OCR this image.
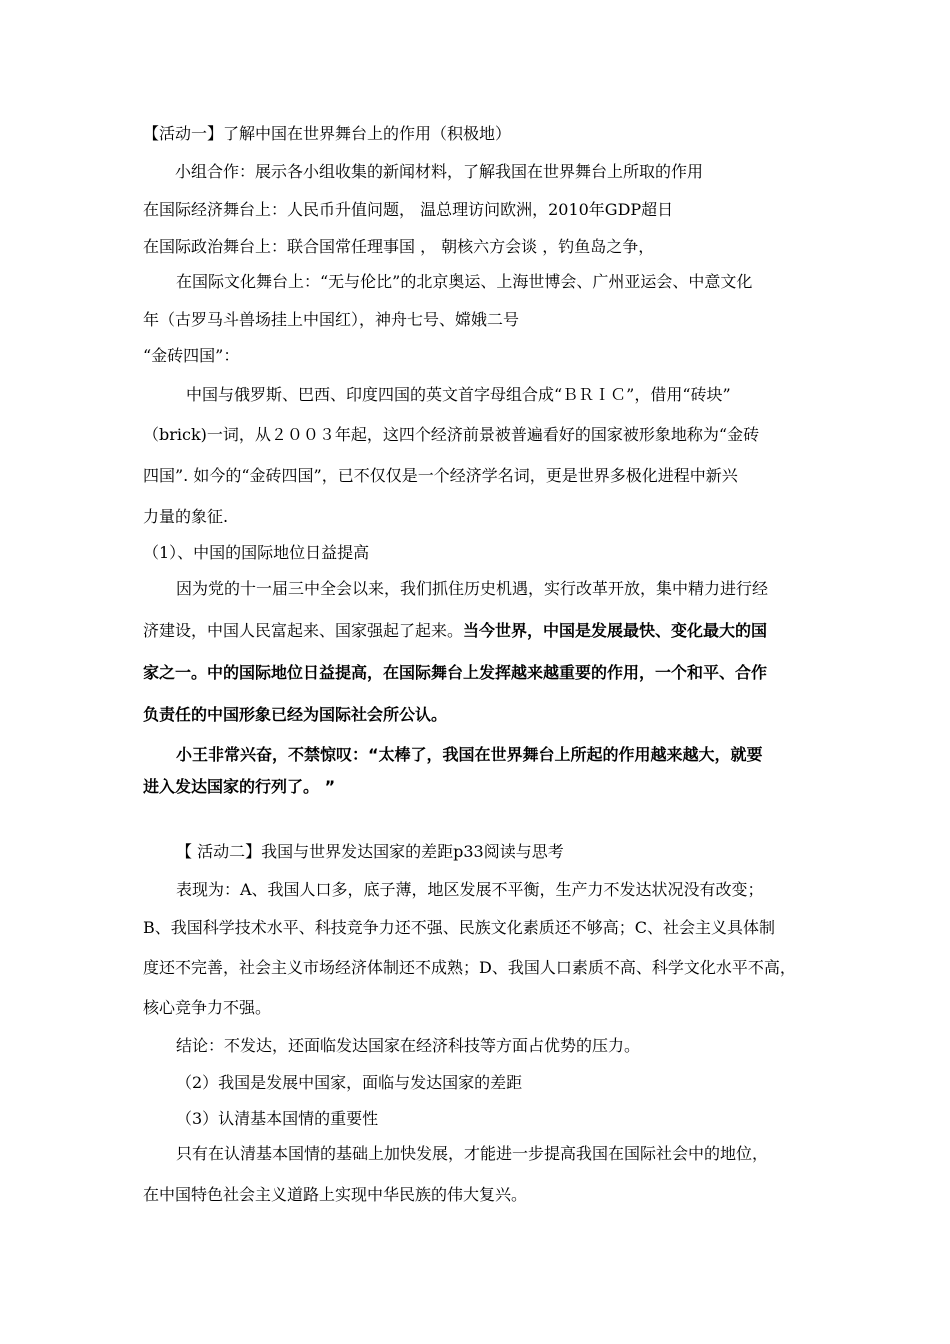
【活动一】了解中国在世界舞台上的作用（积极地）
小组合作：展示各小组收集的新闻材料，了解我国在世界舞台上所取的作用
在国际经济舞台上：人民币升值问题， 温总理访问欧洲，2010年GDP超日
在国际政治舞台上：联合国常任理事国 ， 朝核六方会谈 ，钓鱼岛之争，
在国际文化舞台上：“无与伦比”的北京奥运、上海世博会、广州亚运会、中意文化
年（古罗马斗兽场挂上中国红），神舟七号、嫦娥二号
“金砖四国”：
中国与俄罗斯、巴西、印度四国的英文首字母组合成“ＢＲＩＣ”，借用“砖块”
（brick)一词，从２００３年起，这四个经济前景被普遍看好的国家被形象地称为“金砖
四国”. 如今的“金砖四国”，已不仅仅是一个经济学名词，更是世界多极化进程中新兴
力量的象征.
（1）、中国的国际地位日益提高
因为党的十一届三中全会以来，我们抓住历史机遇，实行改革开放，集中精力进行经
济建设，中国人民富起来、国家强起了起来。当今世界，中国是发展最快、变化最大的国
家之一。中的国际地位日益提高，在国际舞台上发挥越来越重要的作用，一个和平、合作
负责任的中国形象已经为国际社会所公认。
小王非常兴奋，不禁惊叹：“太棒了，我国在世界舞台上所起的作用越来越大，就要
进入发达国家的行列了。 ”
【 活动二】我国与世界发达国家的差距p33阅读与思考
表现为：A、我国人口多，底子薄，地区发展不平衡，生产力不发达状况没有改变；
B、我国科学技术水平、科技竞争力还不强、民族文化素质还不够高；C、社会主义具体制
度还不完善，社会主义市场经济体制还不成熟；D、我国人口素质不高、科学文化水平不高，
核心竞争力不强。
结论：不发达，还面临发达国家在经济科技等方面占优势的压力。
（2）我国是发展中国家，面临与发达国家的差距
（3）认清基本国情的重要性
只有在认清基本国情的基础上加快发展，才能进一步提高我国在国际社会中的地位，
在中国特色社会主义道路上实现中华民族的伟大复兴。
